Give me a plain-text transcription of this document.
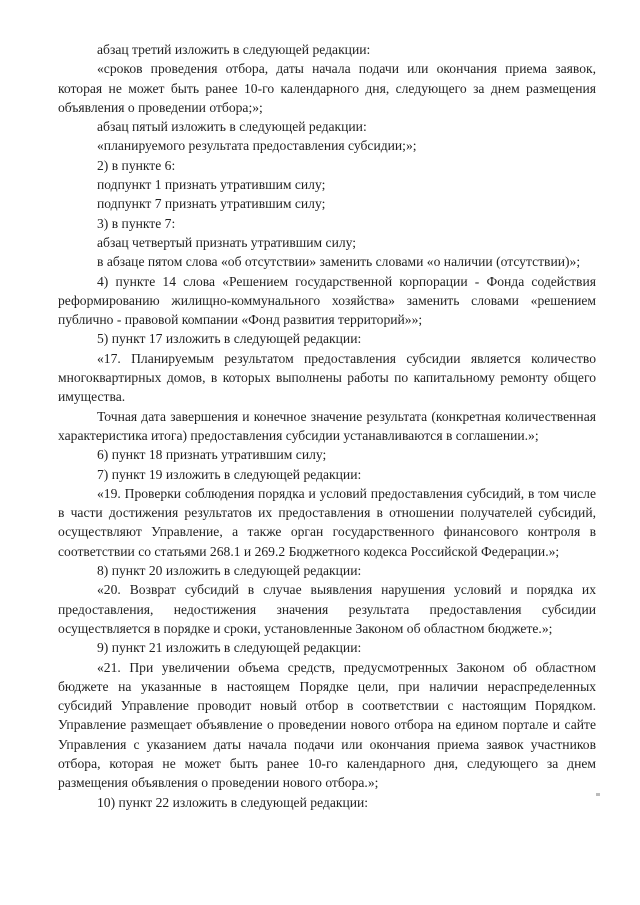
абзац третий изложить в следующей редакции:

«сроков проведения отбора, даты начала подачи или окончания приема заявок, которая не может быть ранее 10-го календарного дня, следующего за днем размещения объявления о проведении отбора;»;

абзац пятый изложить в следующей редакции:

«планируемого результата предоставления субсидии;»;

2) в пункте 6:

подпункт 1 признать утратившим силу;

подпункт 7 признать утратившим силу;

3) в пункте 7:

абзац четвертый признать утратившим силу;

в абзаце пятом слова «об отсутствии» заменить словами «о наличии (отсутствии)»;

4) пункте 14 слова «Решением государственной корпорации - Фонда содействия реформированию жилищно-коммунального хозяйства» заменить словами «решением публично - правовой компании «Фонд развития территорий»»;

5) пункт 17 изложить в следующей редакции:

«17. Планируемым результатом предоставления субсидии является количество многоквартирных домов, в которых выполнены работы по капитальному ремонту общего имущества.

Точная дата завершения и конечное значение результата (конкретная количественная характеристика итога) предоставления субсидии устанавливаются в соглашении.»;

6) пункт 18 признать утратившим силу;

7) пункт 19 изложить в следующей редакции:

«19. Проверки соблюдения порядка и условий предоставления субсидий, в том числе в части достижения результатов их предоставления в отношении получателей субсидий, осуществляют Управление, а также орган государственного финансового контроля в соответствии со статьями 268.1 и 269.2 Бюджетного кодекса Российской Федерации.»;

8) пункт 20 изложить в следующей редакции:

«20. Возврат субсидий в случае выявления нарушения условий и порядка их предоставления, недостижения значения результата предоставления субсидии осуществляется в порядке и сроки, установленные Законом об областном бюджете.»;

9) пункт 21 изложить в следующей редакции:

«21. При увеличении объема средств, предусмотренных Законом об областном бюджете на указанные в настоящем Порядке цели, при наличии нераспределенных субсидий Управление проводит новый отбор в соответствии с настоящим Порядком. Управление размещает объявление о проведении нового отбора на едином портале и сайте Управления с указанием даты начала подачи или окончания приема заявок участников отбора, которая не может быть ранее 10-го календарного дня, следующего за днем размещения объявления о проведении нового отбора.»;

10) пункт 22 изложить в следующей редакции:
